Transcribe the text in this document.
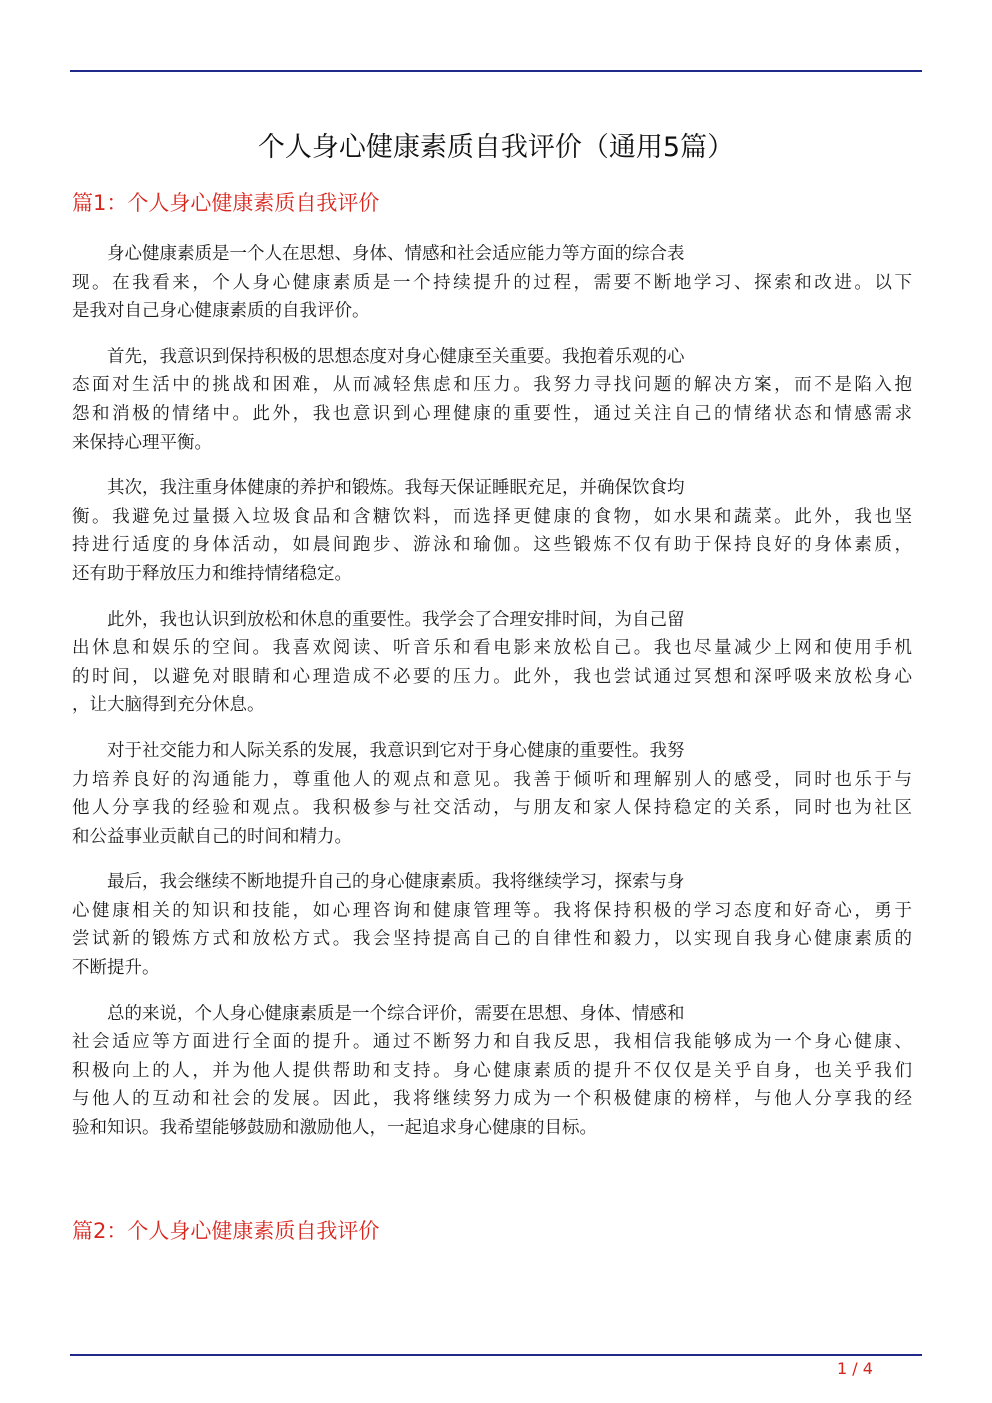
个人身心健康素质自我评价（通用5篇）
篇1：个人身心健康素质自我评价
身心健康素质是一个人在思想、身体、情感和社会适应能力等方面的综合表
现。在我看来，个人身心健康素质是一个持续提升的过程，需要不断地学习、探索和改进。以下
是我对自己身心健康素质的自我评价。
首先，我意识到保持积极的思想态度对身心健康至关重要。我抱着乐观的心
态面对生活中的挑战和困难，从而减轻焦虑和压力。我努力寻找问题的解决方案，而不是陷入抱
怨和消极的情绪中。此外，我也意识到心理健康的重要性，通过关注自己的情绪状态和情感需求
来保持心理平衡。
其次，我注重身体健康的养护和锻炼。我每天保证睡眠充足，并确保饮食均
衡。我避免过量摄入垃圾食品和含糖饮料，而选择更健康的食物，如水果和蔬菜。此外，我也坚
持进行适度的身体活动，如晨间跑步、游泳和瑜伽。这些锻炼不仅有助于保持良好的身体素质，
还有助于释放压力和维持情绪稳定。
此外，我也认识到放松和休息的重要性。我学会了合理安排时间，为自己留
出休息和娱乐的空间。我喜欢阅读、听音乐和看电影来放松自己。我也尽量减少上网和使用手机
的时间，以避免对眼睛和心理造成不必要的压力。此外，我也尝试通过冥想和深呼吸来放松身心
，让大脑得到充分休息。
对于社交能力和人际关系的发展，我意识到它对于身心健康的重要性。我努
力培养良好的沟通能力，尊重他人的观点和意见。我善于倾听和理解别人的感受，同时也乐于与
他人分享我的经验和观点。我积极参与社交活动，与朋友和家人保持稳定的关系，同时也为社区
和公益事业贡献自己的时间和精力。
最后，我会继续不断地提升自己的身心健康素质。我将继续学习，探索与身
心健康相关的知识和技能，如心理咨询和健康管理等。我将保持积极的学习态度和好奇心，勇于
尝试新的锻炼方式和放松方式。我会坚持提高自己的自律性和毅力，以实现自我身心健康素质的
不断提升。
总的来说，个人身心健康素质是一个综合评价，需要在思想、身体、情感和
社会适应等方面进行全面的提升。通过不断努力和自我反思，我相信我能够成为一个身心健康、
积极向上的人，并为他人提供帮助和支持。身心健康素质的提升不仅仅是关乎自身，也关乎我们
与他人的互动和社会的发展。因此，我将继续努力成为一个积极健康的榜样，与他人分享我的经
验和知识。我希望能够鼓励和激励他人，一起追求身心健康的目标。
篇2：个人身心健康素质自我评价
1 / 4
